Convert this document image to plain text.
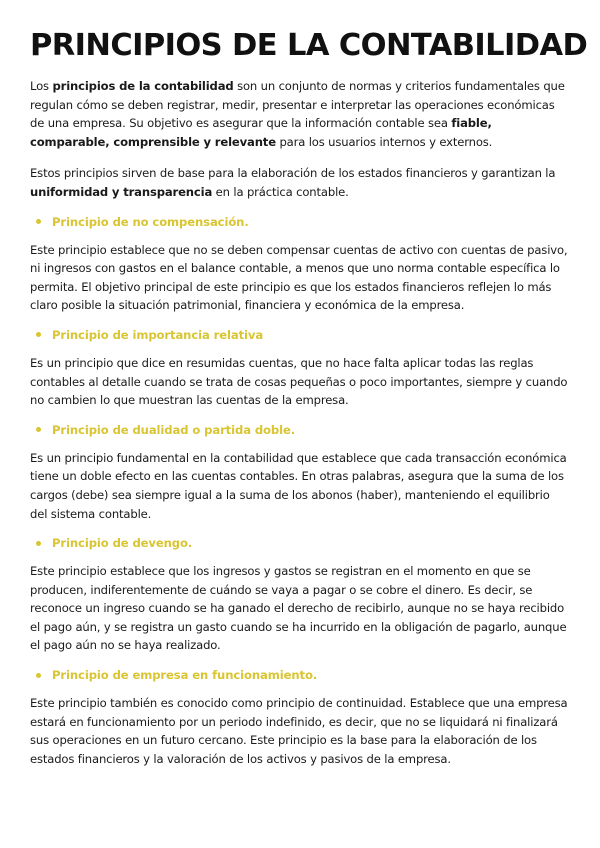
PRINCIPIOS DE LA CONTABILIDAD

Los principios de la contabilidad son un conjunto de normas y criterios fundamentales que regulan cómo se deben registrar, medir, presentar e interpretar las operaciones económicas de una empresa. Su objetivo es asegurar que la información contable sea fiable, comparable, comprensible y relevante para los usuarios internos y externos.

Estos principios sirven de base para la elaboración de los estados financieros y garantizan la uniformidad y transparencia en la práctica contable.

Principio de no compensación.

Este principio establece que no se deben compensar cuentas de activo con cuentas de pasivo, ni ingresos con gastos en el balance contable, a menos que uno norma contable específica lo permita. El objetivo principal de este principio es que los estados financieros reflejen lo más claro posible la situación patrimonial, financiera y económica de la empresa.

Principio de importancia relativa

Es un principio que dice en resumidas cuentas, que no hace falta aplicar todas las reglas contables al detalle cuando se trata de cosas pequeñas o poco importantes, siempre y cuando no cambien lo que muestran las cuentas de la empresa.

Principio de dualidad o partida doble.

Es un principio fundamental en la contabilidad que establece que cada transacción económica tiene un doble efecto en las cuentas contables. En otras palabras, asegura que la suma de los cargos (debe) sea siempre igual a la suma de los abonos (haber), manteniendo el equilibrio del sistema contable.

Principio de devengo.

Este principio establece que los ingresos y gastos se registran en el momento en que se producen, indiferentemente de cuándo se vaya a pagar o se cobre el dinero. Es decir, se reconoce un ingreso cuando se ha ganado el derecho de recibirlo, aunque no se haya recibido el pago aún, y se registra un gasto cuando se ha incurrido en la obligación de pagarlo, aunque el pago aún no se haya realizado.

Principio de empresa en funcionamiento.

Este principio también es conocido como principio de continuidad. Establece que una empresa estará en funcionamiento por un periodo indefinido, es decir, que no se liquidará ni finalizará sus operaciones en un futuro cercano. Este principio es la base para la elaboración de los estados financieros y la valoración de los activos y pasivos de la empresa.
